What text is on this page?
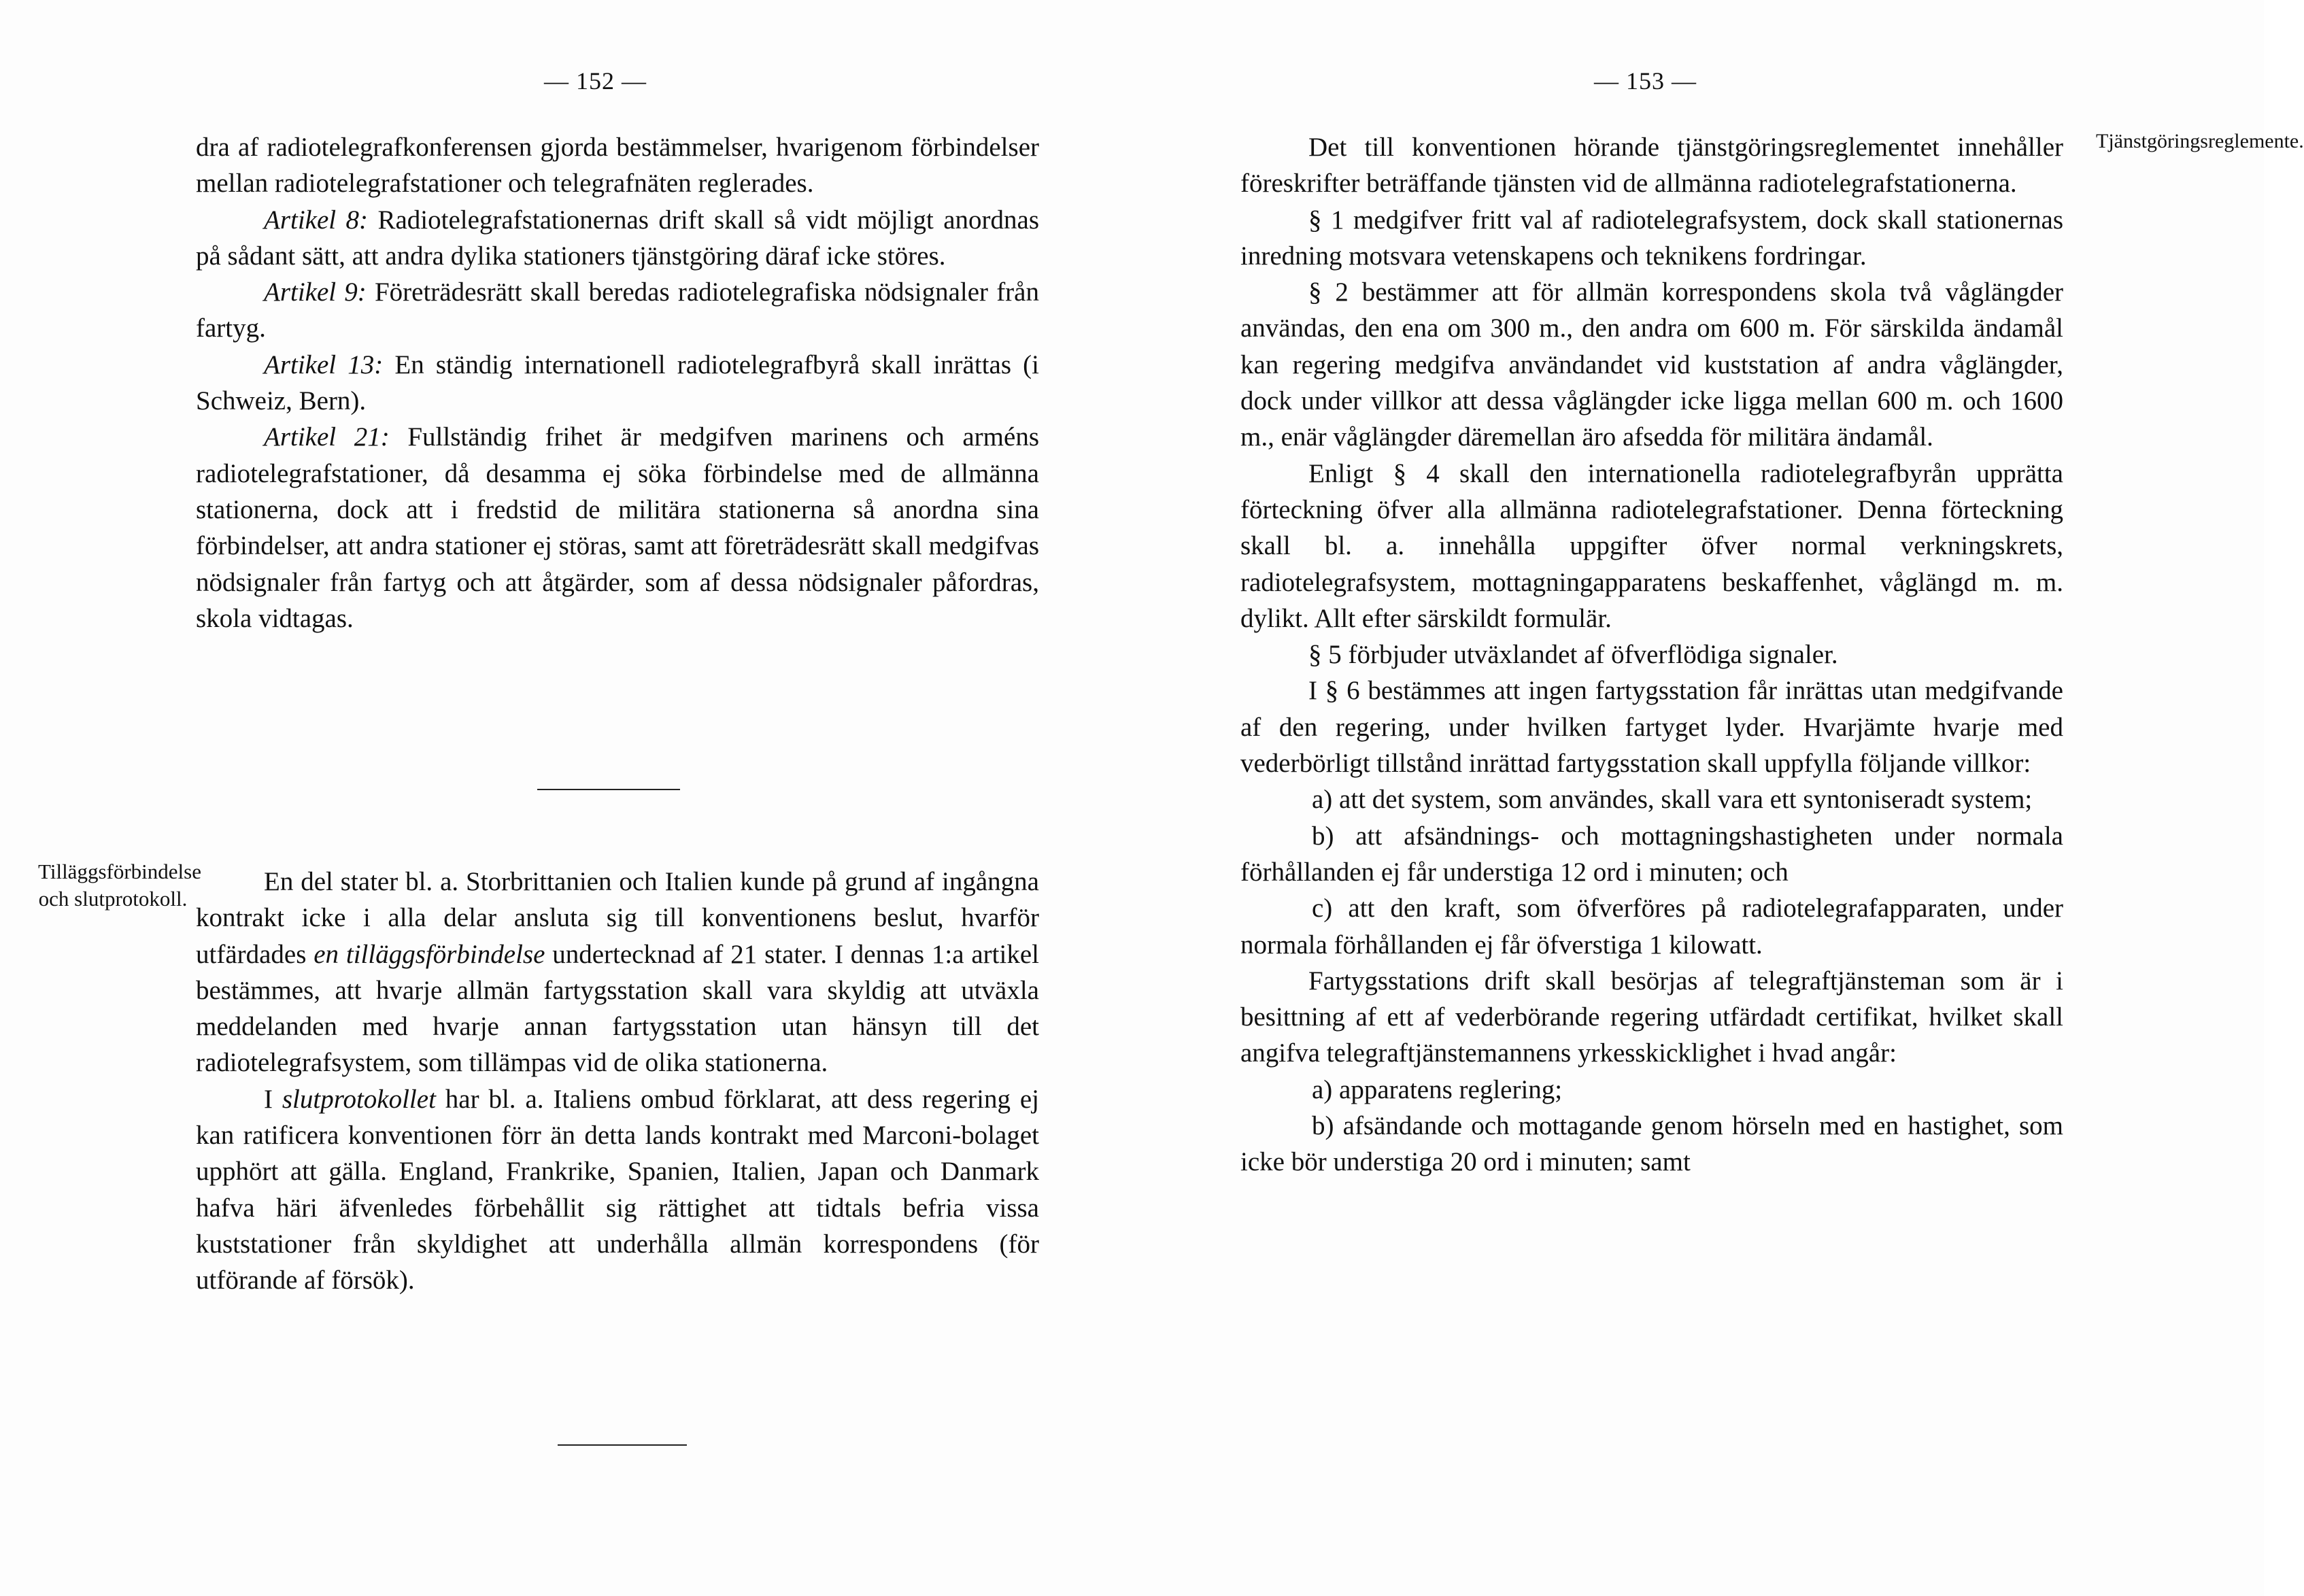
— 152 —

dra af radiotelegrafkonferensen gjorda bestämmelser, hvarigenom förbindelser mellan radiotelegrafstationer och telegrafnäten reglerades.

Artikel 8: Radiotelegrafstationernas drift skall så vidt möjligt anordnas på sådant sätt, att andra dylika stationers tjänstgöring däraf icke störes.

Artikel 9: Företrädesrätt skall beredas radiotelegrafiska nödsignaler från fartyg.

Artikel 13: En ständig internationell radiotelegrafbyrå skall inrättas (i Schweiz, Bern).

Artikel 21: Fullständig frihet är medgifven marinens och arméns radiotelegrafstationer, då desamma ej söka förbindelse med de allmänna stationerna, dock att i fredstid de militära stationerna så anordna sina förbindelser, att andra stationer ej störas, samt att företrädesrätt skall medgifvas nödsignaler från fartyg och att åtgärder, som af dessa nödsignaler påfordras, skola vidtagas.

Tilläggsförbindelse och slutprotokoll.

En del stater bl. a. Storbrittanien och Italien kunde på grund af ingångna kontrakt icke i alla delar ansluta sig till konventionens beslut, hvarför utfärdades en tilläggsförbindelse undertecknad af 21 stater. I dennas 1:a artikel bestämmes, att hvarje allmän fartygsstation skall vara skyldig att utväxla meddelanden med hvarje annan fartygsstation utan hänsyn till det radiotelegrafsystem, som tillämpas vid de olika stationerna.

I slutprotokollet har bl. a. Italiens ombud förklarat, att dess regering ej kan ratificera konventionen förr än detta lands kontrakt med Marconi-bolaget upphört att gälla. England, Frankrike, Spanien, Italien, Japan och Danmark hafva häri äfvenledes förbehållit sig rättighet att tidtals befria vissa kuststationer från skyldighet att underhålla allmän korrespondens (för utförande af försök).

— 153 —
Tjänstgöringsreglemente.

Det till konventionen hörande tjänstgöringsreglementet innehåller föreskrifter beträffande tjänsten vid de allmänna radiotelegrafstationerna.

§ 1 medgifver fritt val af radiotelegrafsystem, dock skall stationernas inredning motsvara vetenskapens och teknikens fordringar.

§ 2 bestämmer att för allmän korrespondens skola två våglängder användas, den ena om 300 m., den andra om 600 m. För särskilda ändamål kan regering medgifva användandet vid kuststation af andra våglängder, dock under villkor att dessa våglängder icke ligga mellan 600 m. och 1600 m., enär våglängder däremellan äro afsedda för militära ändamål.

Enligt § 4 skall den internationella radiotelegrafbyrån upprätta förteckning öfver alla allmänna radiotelegrafstationer. Denna förteckning skall bl. a. innehålla uppgifter öfver normal verkningskrets, radiotelegrafsystem, mottagningapparatens beskaffenhet, våglängd m. m. dylikt. Allt efter särskildt formulär.

§ 5 förbjuder utväxlandet af öfverflödiga signaler.

I § 6 bestämmes att ingen fartygsstation får inrättas utan medgifvande af den regering, under hvilken fartyget lyder. Hvarjämte hvarje med vederbörligt tillstånd inrättad fartygsstation skall uppfylla följande villkor:

a) att det system, som användes, skall vara ett syntoniseradt system;

b) att afsändnings- och mottagningshastigheten under normala förhållanden ej får understiga 12 ord i minuten; och

c) att den kraft, som öfverföres på radiotelegrafapparaten, under normala förhållanden ej får öfverstiga 1 kilowatt.

Fartygsstations drift skall besörjas af telegraftjänsteman som är i besittning af ett af vederbörande regering utfärdadt certifikat, hvilket skall angifva telegraftjänstemannens yrkesskicklighet i hvad angår:

a) apparatens reglering;

b) afsändande och mottagande genom hörseln med en hastighet, som icke bör understiga 20 ord i minuten; samt
